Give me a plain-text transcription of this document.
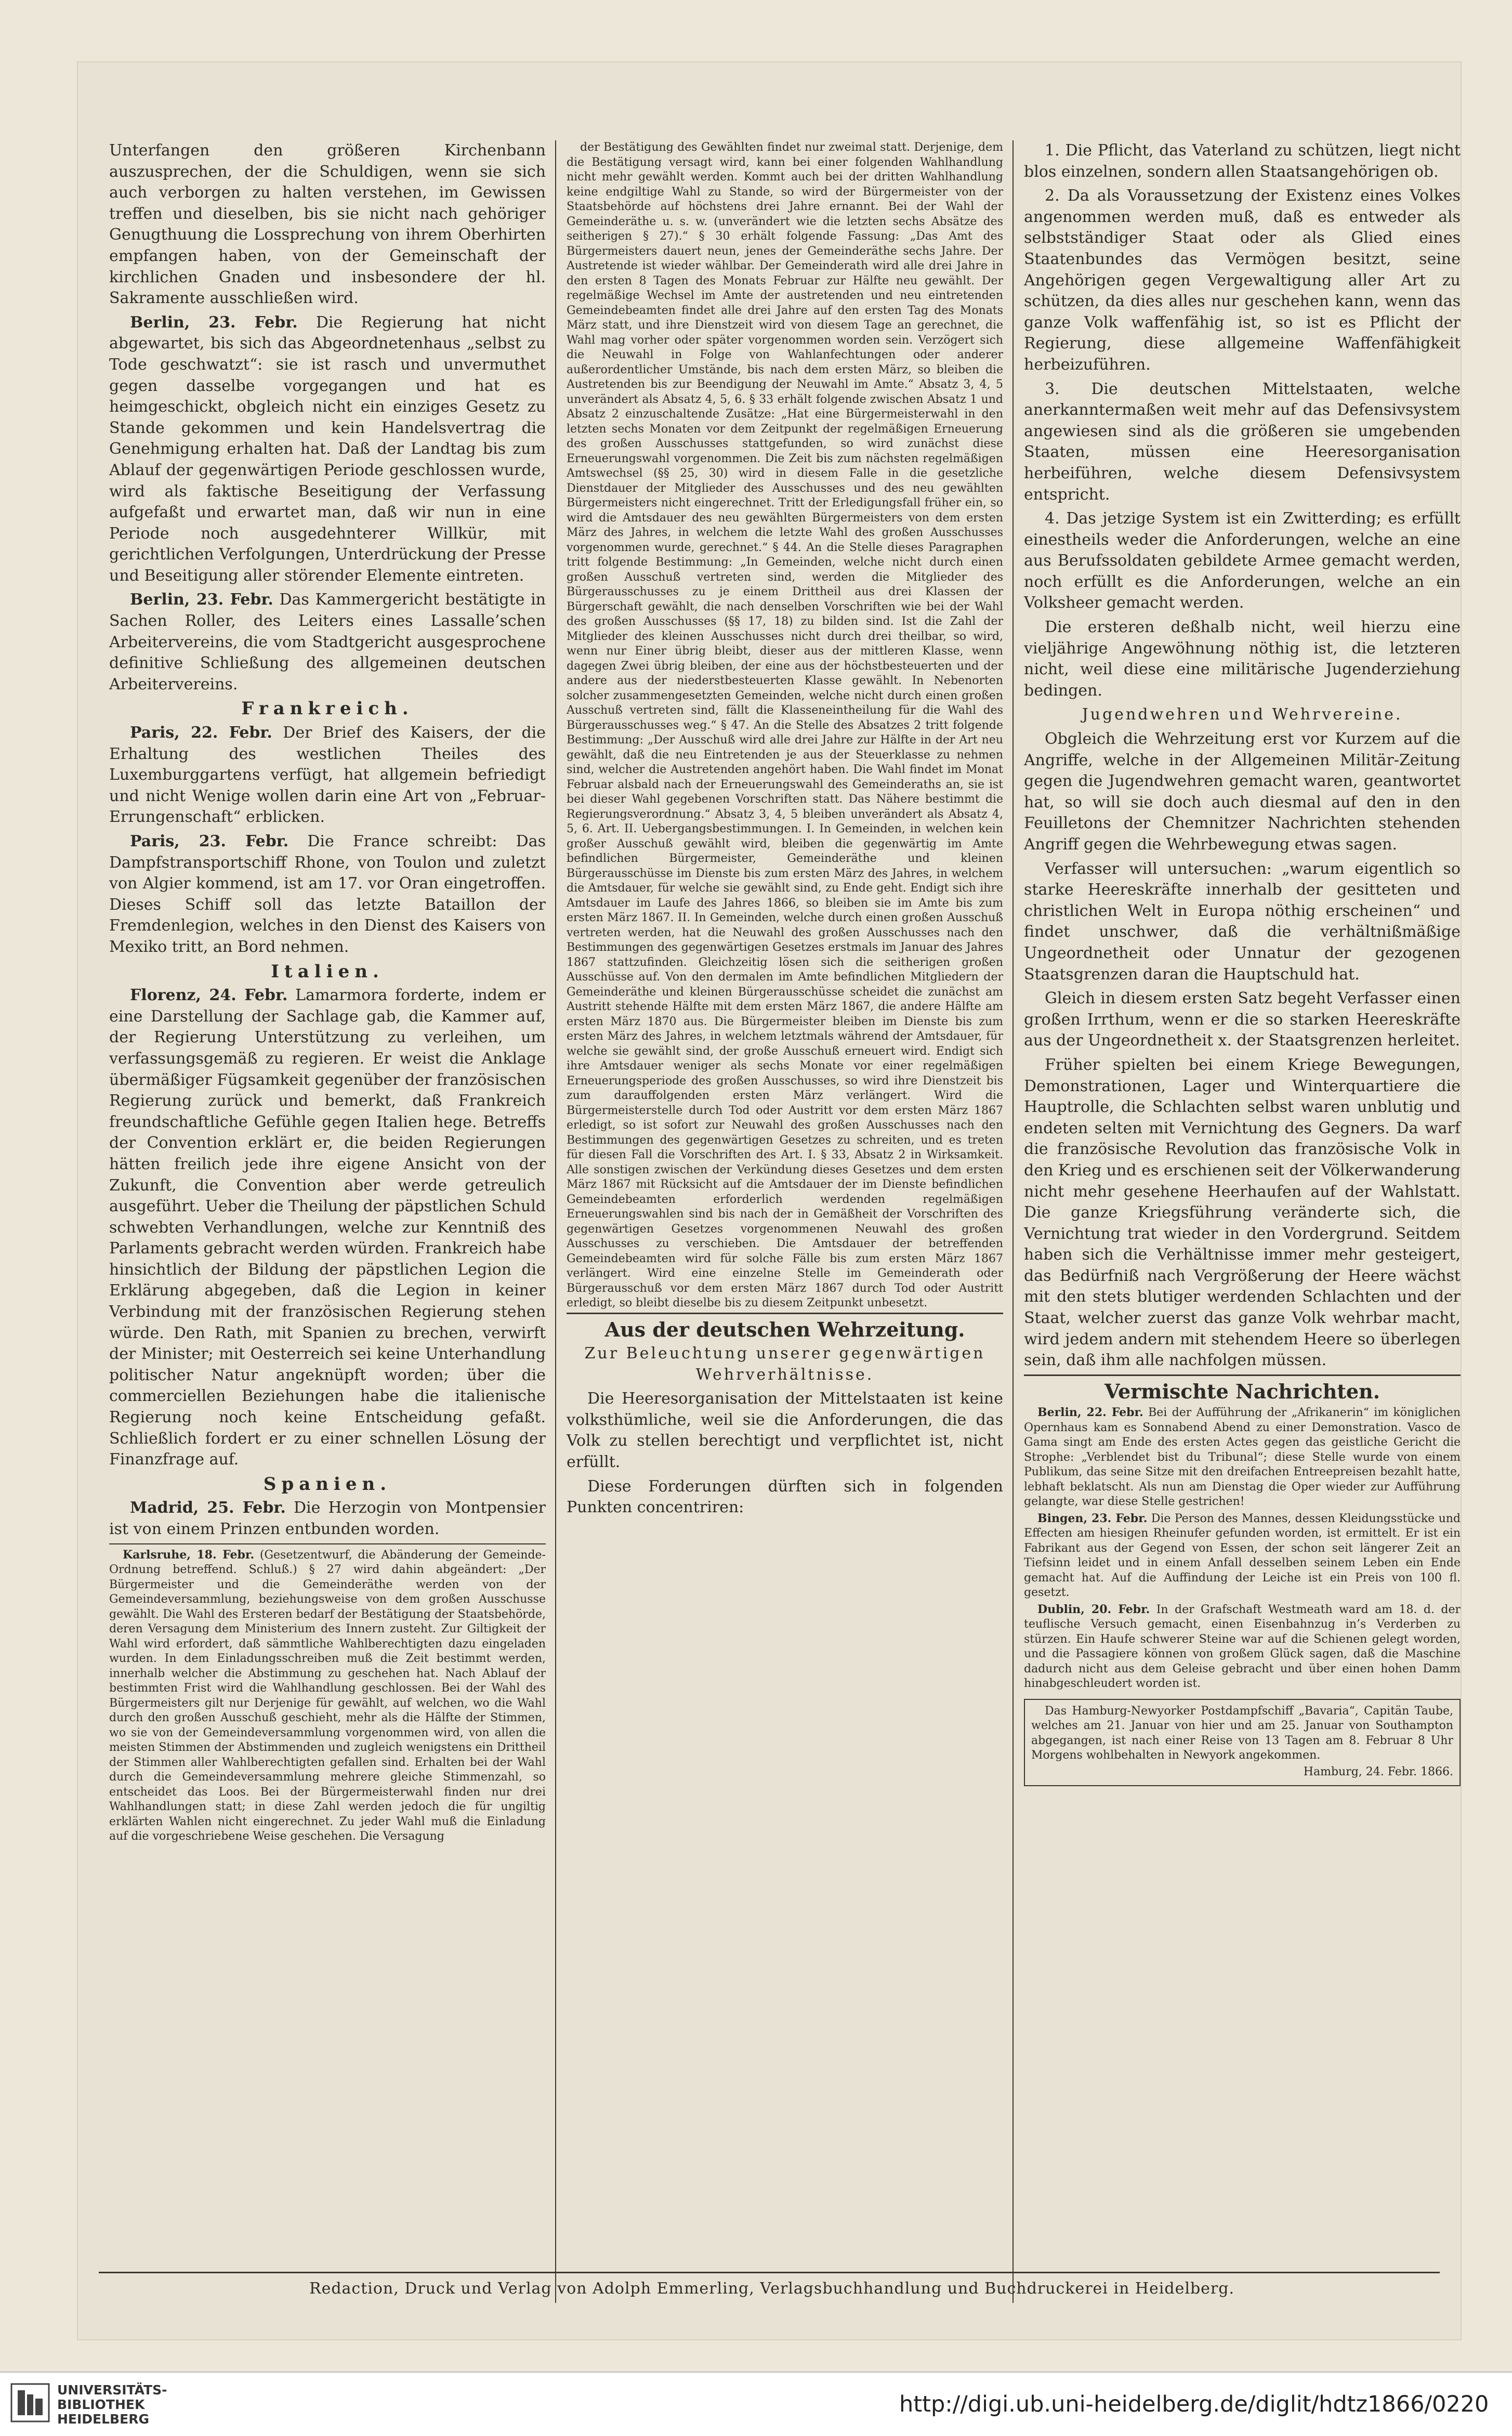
Unterfangen den größeren Kirchenbann auszusprechen, der die Schuldigen, wenn sie sich auch verborgen zu halten verstehen, im Gewissen treffen und dieselben, bis sie nicht nach gehöriger Genugthuung die Lossprechung von ihrem Oberhirten empfangen haben, von der Gemeinschaft der kirchlichen Gnaden und insbesondere der hl. Sakramente ausschließen wird.

Berlin, 23. Febr. Die Regierung hat nicht abgewartet, bis sich das Abgeordnetenhaus „selbst zu Tode geschwatzt“: sie ist rasch und unvermuthet gegen dasselbe vorgegangen und hat es heimgeschickt, obgleich nicht ein einziges Gesetz zu Stande gekommen und kein Handelsvertrag die Genehmigung erhalten hat. Daß der Landtag bis zum Ablauf der gegenwärtigen Periode geschlossen wurde, wird als faktische Beseitigung der Verfassung aufgefaßt und erwartet man, daß wir nun in eine Periode noch ausgedehnterer Willkür, mit gerichtlichen Verfolgungen, Unterdrückung der Presse und Beseitigung aller störender Elemente eintreten.

Berlin, 23. Febr. Das Kammergericht bestätigte in Sachen Roller, des Leiters eines Lassalle’schen Arbeitervereins, die vom Stadtgericht ausgesprochene definitive Schließung des allgemeinen deutschen Arbeitervereins.

Frankreich.

Paris, 22. Febr. Der Brief des Kaisers, der die Erhaltung des westlichen Theiles des Luxemburggartens verfügt, hat allgemein befriedigt und nicht Wenige wollen darin eine Art von „Februar-Errungenschaft“ erblicken.

Paris, 23. Febr. Die France schreibt: Das Dampfstransportschiff Rhone, von Toulon und zuletzt von Algier kommend, ist am 17. vor Oran eingetroffen. Dieses Schiff soll das letzte Bataillon der Fremdenlegion, welches in den Dienst des Kaisers von Mexiko tritt, an Bord nehmen.

Italien.

Florenz, 24. Febr. Lamarmora forderte, indem er eine Darstellung der Sachlage gab, die Kammer auf, der Regierung Unterstützung zu verleihen, um verfassungsgemäß zu regieren. Er weist die Anklage übermäßiger Fügsamkeit gegenüber der französischen Regierung zurück und bemerkt, daß Frankreich freundschaftliche Gefühle gegen Italien hege. Betreffs der Convention erklärt er, die beiden Regierungen hätten freilich jede ihre eigene Ansicht von der Zukunft, die Convention aber werde getreulich ausgeführt. Ueber die Theilung der päpstlichen Schuld schwebten Verhandlungen, welche zur Kenntniß des Parlaments gebracht werden würden. Frankreich habe hinsichtlich der Bildung der päpstlichen Legion die Erklärung abgegeben, daß die Legion in keiner Verbindung mit der französischen Regierung stehen würde. Den Rath, mit Spanien zu brechen, verwirft der Minister; mit Oesterreich sei keine Unterhandlung politischer Natur angeknüpft worden; über die commerciellen Beziehungen habe die italienische Regierung noch keine Entscheidung gefaßt. Schließlich fordert er zu einer schnellen Lösung der Finanzfrage auf.

Spanien.

Madrid, 25. Febr. Die Herzogin von Montpensier ist von einem Prinzen entbunden worden.

Karlsruhe, 18. Febr. (Gesetzentwurf, die Abänderung der Gemeinde-Ordnung betreffend. Schluß.) § 27 wird dahin abgeändert: „Der Bürgermeister und die Gemeinderäthe werden von der Gemeindeversammlung, beziehungsweise von dem großen Ausschusse gewählt. Die Wahl des Ersteren bedarf der Bestätigung der Staatsbehörde, deren Versagung dem Ministerium des Innern zusteht. Zur Giltigkeit der Wahl wird erfordert, daß sämmtliche Wahlberechtigten dazu eingeladen wurden. In dem Einladungsschreiben muß die Zeit bestimmt werden, innerhalb welcher die Abstimmung zu geschehen hat. Nach Ablauf der bestimmten Frist wird die Wahlhandlung geschlossen. Bei der Wahl des Bürgermeisters gilt nur Derjenige für gewählt, auf welchen, wo die Wahl durch den großen Ausschuß geschieht, mehr als die Hälfte der Stimmen, wo sie von der Gemeindeversammlung vorgenommen wird, von allen die meisten Stimmen der Abstimmenden und zugleich wenigstens ein Drittheil der Stimmen aller Wahlberechtigten gefallen sind. Erhalten bei der Wahl durch die Gemeindeversammlung mehrere gleiche Stimmenzahl, so entscheidet das Loos. Bei der Bürgermeisterwahl finden nur drei Wahlhandlungen statt; in diese Zahl werden jedoch die für ungiltig erklärten Wahlen nicht eingerechnet. Zu jeder Wahl muß die Einladung auf die vorgeschriebene Weise geschehen. Die Versagung

der Bestätigung des Gewählten findet nur zweimal statt. Derjenige, dem die Bestätigung versagt wird, kann bei einer folgenden Wahlhandlung nicht mehr gewählt werden. Kommt auch bei der dritten Wahlhandlung keine endgiltige Wahl zu Stande, so wird der Bürgermeister von der Staatsbehörde auf höchstens drei Jahre ernannt. Bei der Wahl der Gemeinderäthe u. s. w. (unverändert wie die letzten sechs Absätze des seitherigen § 27).“ § 30 erhält folgende Fassung: „Das Amt des Bürgermeisters dauert neun, jenes der Gemeinderäthe sechs Jahre. Der Austretende ist wieder wählbar. Der Gemeinderath wird alle drei Jahre in den ersten 8 Tagen des Monats Februar zur Hälfte neu gewählt. Der regelmäßige Wechsel im Amte der austretenden und neu eintretenden Gemeindebeamten findet alle drei Jahre auf den ersten Tag des Monats März statt, und ihre Dienstzeit wird von diesem Tage an gerechnet, die Wahl mag vorher oder später vorgenommen worden sein. Verzögert sich die Neuwahl in Folge von Wahlanfechtungen oder anderer außerordentlicher Umstände, bis nach dem ersten März, so bleiben die Austretenden bis zur Beendigung der Neuwahl im Amte.“ Absatz 3, 4, 5 unverändert als Absatz 4, 5, 6. § 33 erhält folgende zwischen Absatz 1 und Absatz 2 einzuschaltende Zusätze: „Hat eine Bürgermeisterwahl in den letzten sechs Monaten vor dem Zeitpunkt der regelmäßigen Erneuerung des großen Ausschusses stattgefunden, so wird zunächst diese Erneuerungswahl vorgenommen. Die Zeit bis zum nächsten regelmäßigen Amtswechsel (§§ 25, 30) wird in diesem Falle in die gesetzliche Dienstdauer der Mitglieder des Ausschusses und des neu gewählten Bürgermeisters nicht eingerechnet. Tritt der Erledigungsfall früher ein, so wird die Amtsdauer des neu gewählten Bürgermeisters von dem ersten März des Jahres, in welchem die letzte Wahl des großen Ausschusses vorgenommen wurde, gerechnet.“ § 44. An die Stelle dieses Paragraphen tritt folgende Bestimmung: „In Gemeinden, welche nicht durch einen großen Ausschuß vertreten sind, werden die Mitglieder des Bürgerausschusses zu je einem Drittheil aus drei Klassen der Bürgerschaft gewählt, die nach denselben Vorschriften wie bei der Wahl des großen Ausschusses (§§ 17, 18) zu bilden sind. Ist die Zahl der Mitglieder des kleinen Ausschusses nicht durch drei theilbar, so wird, wenn nur Einer übrig bleibt, dieser aus der mittleren Klasse, wenn dagegen Zwei übrig bleiben, der eine aus der höchstbesteuerten und der andere aus der niederstbesteuerten Klasse gewählt. In Nebenorten solcher zusammengesetzten Gemeinden, welche nicht durch einen großen Ausschuß vertreten sind, fällt die Klasseneintheilung für die Wahl des Bürgerausschusses weg.“ § 47. An die Stelle des Absatzes 2 tritt folgende Bestimmung: „Der Ausschuß wird alle drei Jahre zur Hälfte in der Art neu gewählt, daß die neu Eintretenden je aus der Steuerklasse zu nehmen sind, welcher die Austretenden angehört haben. Die Wahl findet im Monat Februar alsbald nach der Erneuerungswahl des Gemeinderaths an, sie ist bei dieser Wahl gegebenen Vorschriften statt. Das Nähere bestimmt die Regierungsverordnung.“ Absatz 3, 4, 5 bleiben unverändert als Absatz 4, 5, 6. Art. II. Uebergangsbestimmungen. I. In Gemeinden, in welchen kein großer Ausschuß gewählt wird, bleiben die gegenwärtig im Amte befindlichen Bürgermeister, Gemeinderäthe und kleinen Bürgerausschüsse im Dienste bis zum ersten März des Jahres, in welchem die Amtsdauer, für welche sie gewählt sind, zu Ende geht. Endigt sich ihre Amtsdauer im Laufe des Jahres 1866, so bleiben sie im Amte bis zum ersten März 1867. II. In Gemeinden, welche durch einen großen Ausschuß vertreten werden, hat die Neuwahl des großen Ausschusses nach den Bestimmungen des gegenwärtigen Gesetzes erstmals im Januar des Jahres 1867 stattzufinden. Gleichzeitig lösen sich die seitherigen großen Ausschüsse auf. Von den dermalen im Amte befindlichen Mitgliedern der Gemeinderäthe und kleinen Bürgerausschüsse scheidet die zunächst am Austritt stehende Hälfte mit dem ersten März 1867, die andere Hälfte am ersten März 1870 aus. Die Bürgermeister bleiben im Dienste bis zum ersten März des Jahres, in welchem letztmals während der Amtsdauer, für welche sie gewählt sind, der große Ausschuß erneuert wird. Endigt sich ihre Amtsdauer weniger als sechs Monate vor einer regelmäßigen Erneuerungsperiode des großen Ausschusses, so wird ihre Dienstzeit bis zum darauffolgenden ersten März verlängert. Wird die Bürgermeisterstelle durch Tod oder Austritt vor dem ersten März 1867 erledigt, so ist sofort zur Neuwahl des großen Ausschusses nach den Bestimmungen des gegenwärtigen Gesetzes zu schreiten, und es treten für diesen Fall die Vorschriften des Art. I. § 33, Absatz 2 in Wirksamkeit. Alle sonstigen zwischen der Verkündung dieses Gesetzes und dem ersten März 1867 mit Rücksicht auf die Amtsdauer der im Dienste befindlichen Gemeindebeamten erforderlich werdenden regelmäßigen Erneuerungswahlen sind bis nach der in Gemäßheit der Vorschriften des gegenwärtigen Gesetzes vorgenommenen Neuwahl des großen Ausschusses zu verschieben. Die Amtsdauer der betreffenden Gemeindebeamten wird für solche Fälle bis zum ersten März 1867 verlängert. Wird eine einzelne Stelle im Gemeinderath oder Bürgerausschuß vor dem ersten März 1867 durch Tod oder Austritt erledigt, so bleibt dieselbe bis zu diesem Zeitpunkt unbesetzt.

Aus der deutschen Wehrzeitung.

Zur Beleuchtung unserer gegenwärtigen Wehrverhältnisse.

Die Heeresorganisation der Mittelstaaten ist keine volksthümliche, weil sie die Anforderungen, die das Volk zu stellen berechtigt und verpflichtet ist, nicht erfüllt.

Diese Forderungen dürften sich in folgenden Punkten concentriren:

1. Die Pflicht, das Vaterland zu schützen, liegt nicht blos einzelnen, sondern allen Staatsangehörigen ob.

2. Da als Voraussetzung der Existenz eines Volkes angenommen werden muß, daß es entweder als selbstständiger Staat oder als Glied eines Staatenbundes das Vermögen besitzt, seine Angehörigen gegen Vergewaltigung aller Art zu schützen, da dies alles nur geschehen kann, wenn das ganze Volk waffenfähig ist, so ist es Pflicht der Regierung, diese allgemeine Waffenfähigkeit herbeizuführen.

3. Die deutschen Mittelstaaten, welche anerkanntermaßen weit mehr auf das Defensivsystem angewiesen sind als die größeren sie umgebenden Staaten, müssen eine Heeresorganisation herbeiführen, welche diesem Defensivsystem entspricht.

4. Das jetzige System ist ein Zwitterding; es erfüllt einestheils weder die Anforderungen, welche an eine aus Berufssoldaten gebildete Armee gemacht werden, noch erfüllt es die Anforderungen, welche an ein Volksheer gemacht werden.

Die ersteren deßhalb nicht, weil hierzu eine vieljährige Angewöhnung nöthig ist, die letzteren nicht, weil diese eine militärische Jugenderziehung bedingen.

Jugendwehren und Wehrvereine.

Obgleich die Wehrzeitung erst vor Kurzem auf die Angriffe, welche in der Allgemeinen Militär-Zeitung gegen die Jugendwehren gemacht waren, geantwortet hat, so will sie doch auch diesmal auf den in den Feuilletons der Chemnitzer Nachrichten stehenden Angriff gegen die Wehrbewegung etwas sagen.

Verfasser will untersuchen: „warum eigentlich so starke Heereskräfte innerhalb der gesitteten und christlichen Welt in Europa nöthig erscheinen“ und findet unschwer, daß die verhältnißmäßige Ungeordnetheit oder Unnatur der gezogenen Staatsgrenzen daran die Hauptschuld hat.

Gleich in diesem ersten Satz begeht Verfasser einen großen Irrthum, wenn er die so starken Heereskräfte aus der Ungeordnetheit x. der Staatsgrenzen herleitet.

Früher spielten bei einem Kriege Bewegungen, Demonstrationen, Lager und Winterquartiere die Hauptrolle, die Schlachten selbst waren unblutig und endeten selten mit Vernichtung des Gegners. Da warf die französische Revolution das französische Volk in den Krieg und es erschienen seit der Völkerwanderung nicht mehr gesehene Heerhaufen auf der Wahlstatt. Die ganze Kriegsführung veränderte sich, die Vernichtung trat wieder in den Vordergrund. Seitdem haben sich die Verhältnisse immer mehr gesteigert, das Bedürfniß nach Vergrößerung der Heere wächst mit den stets blutiger werdenden Schlachten und der Staat, welcher zuerst das ganze Volk wehrbar macht, wird jedem andern mit stehendem Heere so überlegen sein, daß ihm alle nachfolgen müssen.

Vermischte Nachrichten.

Berlin, 22. Febr. Bei der Aufführung der „Afrikanerin“ im königlichen Opernhaus kam es Sonnabend Abend zu einer Demonstration. Vasco de Gama singt am Ende des ersten Actes gegen das geistliche Gericht die Strophe: „Verblendet bist du Tribunal“; diese Stelle wurde von einem Publikum, das seine Sitze mit den dreifachen Entreepreisen bezahlt hatte, lebhaft beklatscht. Als nun am Dienstag die Oper wieder zur Aufführung gelangte, war diese Stelle gestrichen!

Bingen, 23. Febr. Die Person des Mannes, dessen Kleidungsstücke und Effecten am hiesigen Rheinufer gefunden worden, ist ermittelt. Er ist ein Fabrikant aus der Gegend von Essen, der schon seit längerer Zeit an Tiefsinn leidet und in einem Anfall desselben seinem Leben ein Ende gemacht hat. Auf die Auffindung der Leiche ist ein Preis von 100 fl. gesetzt.

Dublin, 20. Febr. In der Grafschaft Westmeath ward am 18. d. der teuflische Versuch gemacht, einen Eisenbahnzug in’s Verderben zu stürzen. Ein Haufe schwerer Steine war auf die Schienen gelegt worden, und die Passagiere können von großem Glück sagen, daß die Maschine dadurch nicht aus dem Geleise gebracht und über einen hohen Damm hinabgeschleudert worden ist.

Das Hamburg-Newyorker Postdampfschiff „Bavaria“, Capitän Taube, welches am 21. Januar von hier und am 25. Januar von Southampton abgegangen, ist nach einer Reise von 13 Tagen am 8. Februar 8 Uhr Morgens wohlbehalten in Newyork angekommen.

Hamburg, 24. Febr. 1866.

Redaction, Druck und Verlag von Adolph Emmerling, Verlagsbuchhandlung und Buchdruckerei in Heidelberg.
UNIVERSITÄTS-
BIBLIOTHEK
HEIDELBERG
http://digi.ub.uni-heidelberg.de/diglit/hdtz1866/0220
